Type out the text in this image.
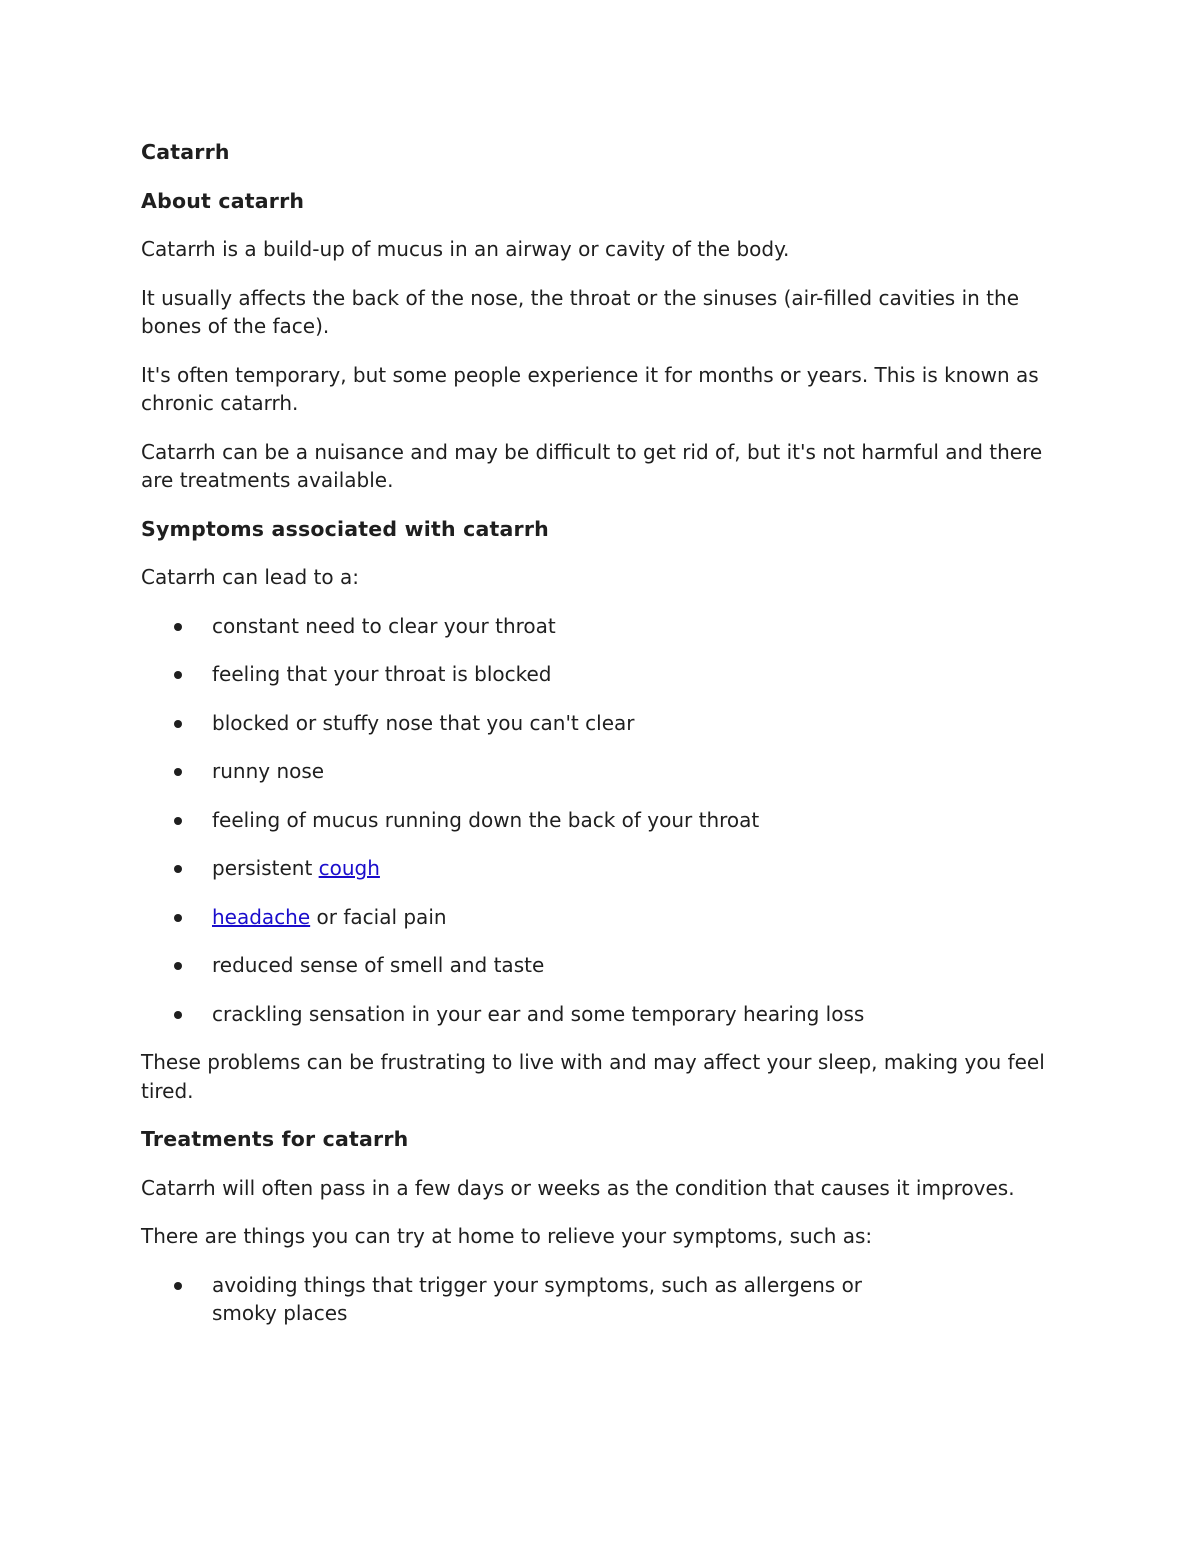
Catarrh
About catarrh

Catarrh is a build-up of mucus in an airway or cavity of the body.

It usually affects the back of the nose, the throat or the sinuses (air-filled cavities in the bones of the face).

It's often temporary, but some people experience it for months or years. This is known as chronic catarrh.

Catarrh can be a nuisance and may be difficult to get rid of, but it's not harmful and there are treatments available.

Symptoms associated with catarrh

Catarrh can lead to a:

constant need to clear your throat
feeling that your throat is blocked
blocked or stuffy nose that you can't clear
runny nose
feeling of mucus running down the back of your throat
persistent cough
headache or facial pain
reduced sense of smell and taste
crackling sensation in your ear and some temporary hearing loss

These problems can be frustrating to live with and may affect your sleep, making you feel tired.

Treatments for catarrh

Catarrh will often pass in a few days or weeks as the condition that causes it improves.

There are things you can try at home to relieve your symptoms, such as:

avoiding things that trigger your symptoms, such as allergens or smoky places
